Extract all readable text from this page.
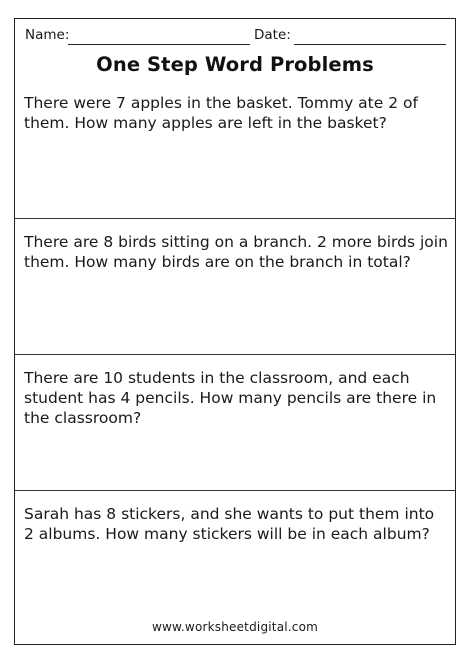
Name:	Date:
One Step Word Problems
There were 7 apples in the basket. Tommy ate 2 of them. How many apples are left in the basket?
There are 8 birds sitting on a branch. 2 more birds join them. How many birds are on the branch in total?
There are 10 students in the classroom, and each student has 4 pencils. How many pencils are there in the classroom?
Sarah has 8 stickers, and she wants to put them into 2 albums. How many stickers will be in each album?
www.worksheetdigital.com
